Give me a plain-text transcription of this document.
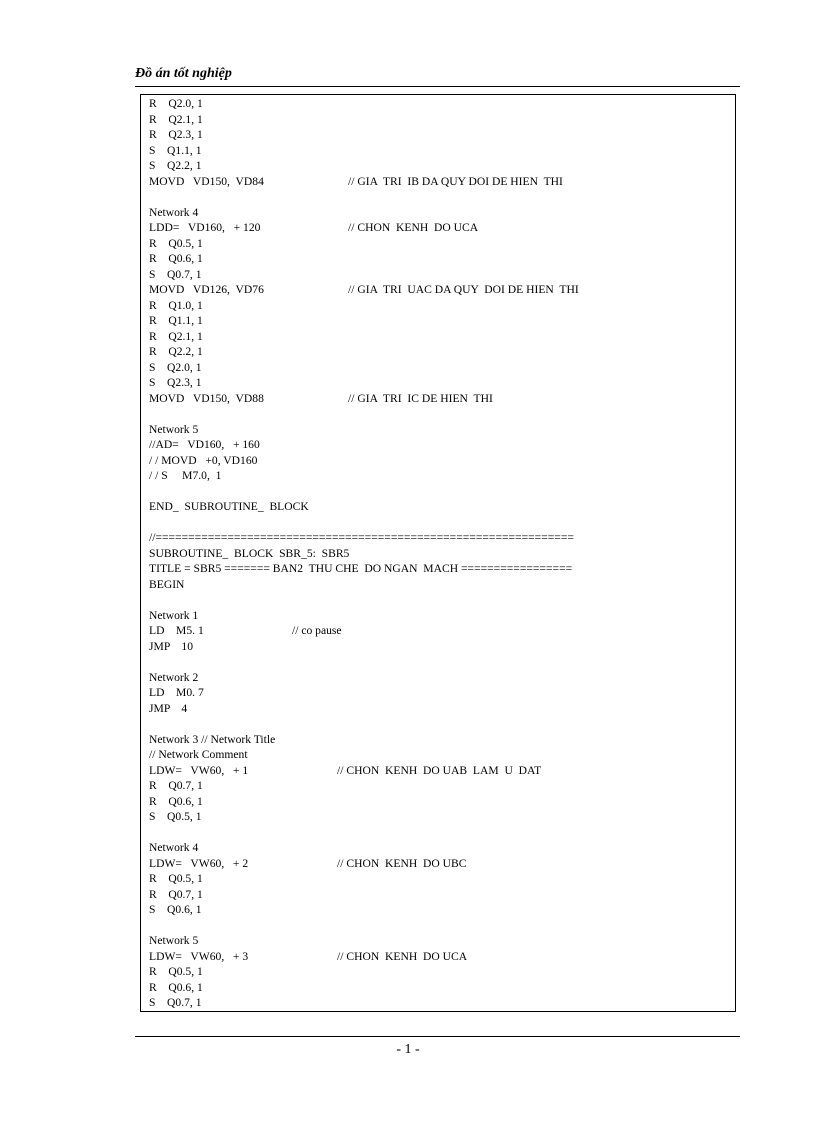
Đồ án tốt nghiệp

R    Q2.0, 1
R    Q2.1, 1
R    Q2.3, 1
S    Q1.1, 1
S    Q2.2, 1
MOVD   VD150,  VD84	// GIA  TRI  IB DA QUY DOI DE HIEN  THI
Network 4
LDD=   VD160,   + 120	// CHON  KENH  DO UCA
R    Q0.5, 1
R    Q0.6, 1
S    Q0.7, 1
MOVD   VD126,  VD76	// GIA  TRI  UAC DA QUY  DOI DE HIEN  THI
R    Q1.0, 1
R    Q1.1, 1
R    Q2.1, 1
R    Q2.2, 1
S    Q2.0, 1
S    Q2.3, 1
MOVD   VD150,  VD88	// GIA  TRI  IC DE HIEN  THI
Network 5
//AD=   VD160,   + 160
/ / MOVD   +0, VD160
/ / S     M7.0,  1
END_  SUBROUTINE_  BLOCK
//================================================================
SUBROUTINE_  BLOCK  SBR_5:  SBR5
TITLE = SBR5 ======= BAN2  THU CHE  DO NGAN  MACH =================
BEGIN
Network 1
LD    M5. 1	// co pause
JMP    10
Network 2
LD    M0. 7
JMP    4
Network 3 // Network Title
// Network Comment
LDW=   VW60,   + 1	// CHON  KENH  DO UAB  LAM  U  DAT
R    Q0.7, 1
R    Q0.6, 1
S    Q0.5, 1
Network 4
LDW=   VW60,   + 2	// CHON  KENH  DO UBC
R    Q0.5, 1
R    Q0.7, 1
S    Q0.6, 1
Network 5
LDW=   VW60,   + 3	// CHON  KENH  DO UCA
R    Q0.5, 1
R    Q0.6, 1
S    Q0.7, 1

- 1 -
